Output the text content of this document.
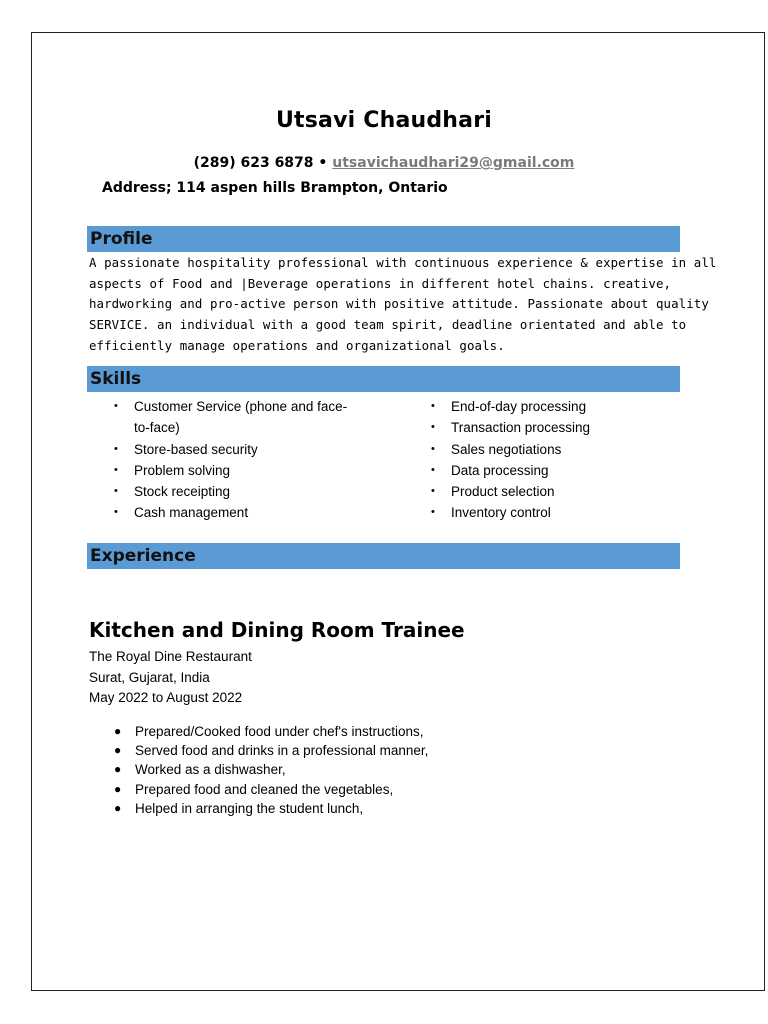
Utsavi Chaudhari
(289) 623 6878 • utsavichaudhari29@gmail.com
Address; 114 aspen hills Brampton, Ontario
Profile
A passionate hospitality professional with continuous experience & expertise in all
aspects of Food and |Beverage operations in different hotel chains. creative,
hardworking and pro-active person with positive attitude. Passionate about quality
SERVICE. an individual with a good team spirit, deadline orientated and able to
efficiently manage operations and organizational goals.
Skills
• Customer Service (phone and face-
to-face)
• Store-based security
• Problem solving
• Stock receipting
• Cash management
• End-of-day processing
• Transaction processing
• Sales negotiations
• Data processing
• Product selection
• Inventory control
Experience
Kitchen and Dining Room Trainee
The Royal Dine Restaurant
Surat, Gujarat, India
May 2022 to August 2022
● Prepared/Cooked food under chef's instructions,
● Served food and drinks in a professional manner,
● Worked as a dishwasher,
● Prepared food and cleaned the vegetables,
● Helped in arranging the student lunch,
